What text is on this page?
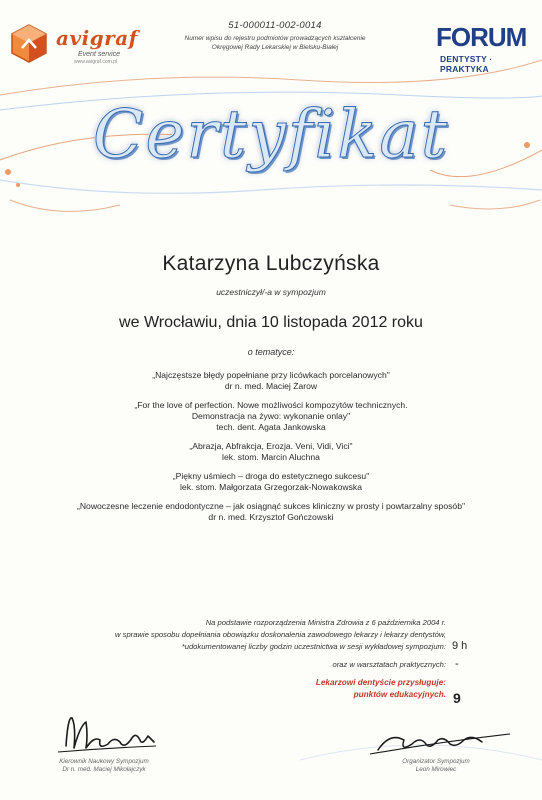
avigraf
Event service
www.avigraf.com.pl
51-000011-002-0014
Numer wpisu do rejestru podmiotów prowadzących kształcenie
Okręgowej Rady Lekarskiej w Bielsku-Białej	FORUM
DENTYSTY · PRAKTYKA
Certyfikat
Katarzyna Lubczyńska
uczestniczył/-a w sympozjum
we Wrocławiu, dnia 10 listopada 2012 roku
o tematyce:
„Najczęstsze błędy popełniane przy licówkach porcelanowych"
dr n. med. Maciej Żarow
„For the love of perfection. Nowe możliwości kompozytów technicznych.
Demonstracja na żywo: wykonanie onlay"
tech. dent. Agata Jankowska
„Abrazja, Abfrakcja, Erozja. Veni, Vidi, Vici"
lek. stom. Marcin Aluchna
„Piękny uśmiech – droga do estetycznego sukcesu"
lek. stom. Małgorzata Grzegorzak-Nowakowska
„Nowoczesne leczenie endodontyczne – jak osiągnąć sukces kliniczny w prosty i powtarzalny sposób"
dr n. med. Krzysztof Gończowski
Na podstawie rozporządzenia Ministra Zdrowia z 6 października 2004 r.
w sprawie sposobu dopełniania obowiązku doskonalenia zawodowego lekarzy i lekarzy dentystów,
*udokumentowanej liczby godzin uczestnictwa w sesji wykładowej sympozjum:
oraz w warsztatach praktycznych:
Lekarzowi dentyście przysługuje:
punktów edukacyjnych.
9 h
-
9
Kierownik Naukowy Sympozjum
Dr n. med. Maciej Mikołajczyk
Organizator Sympozjum
Leon Mirowiec
